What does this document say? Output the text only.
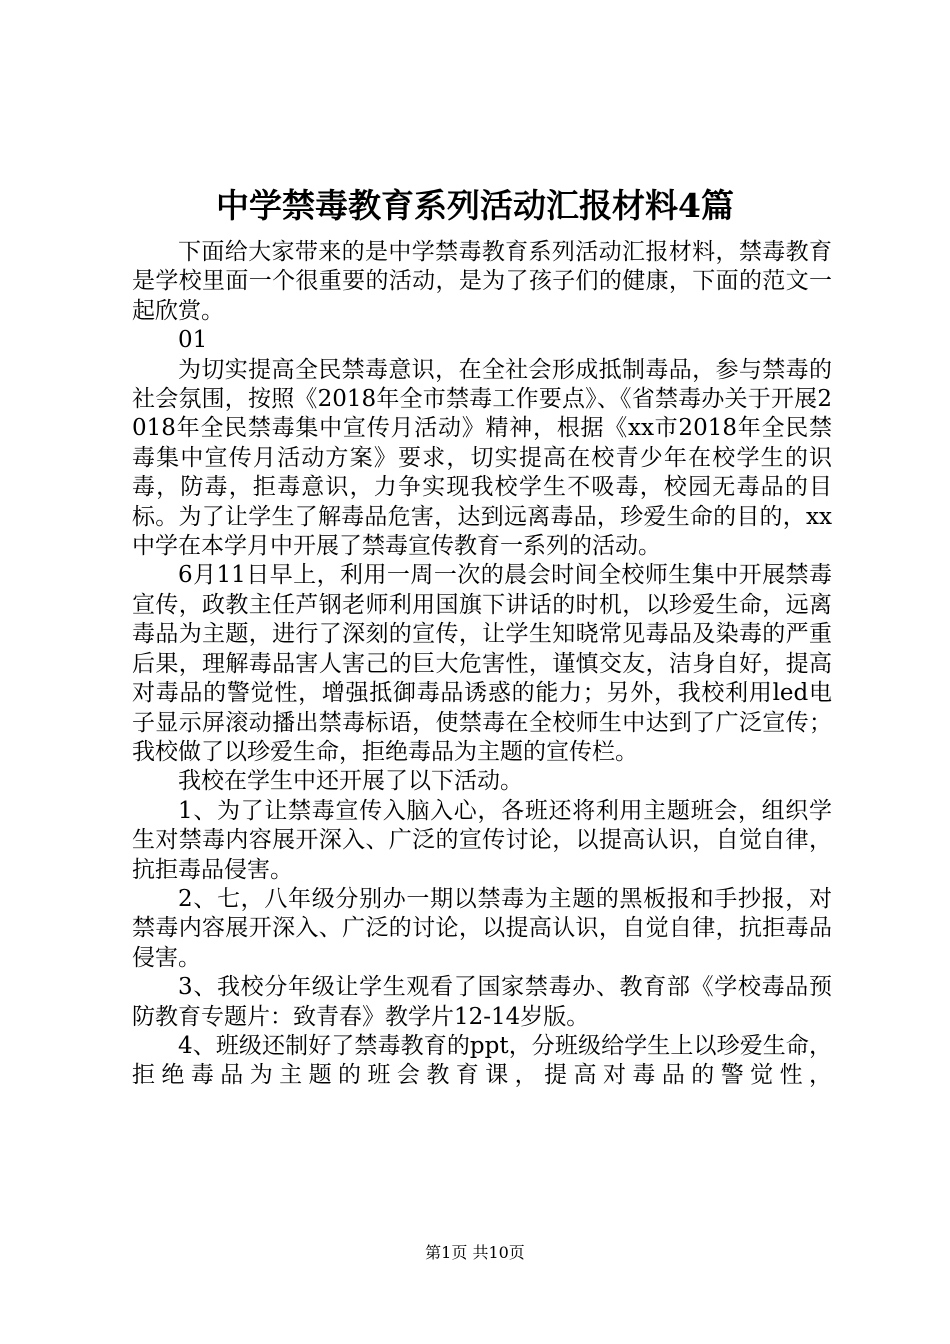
中学禁毒教育系列活动汇报材料4篇

下面给大家带来的是中学禁毒教育系列活动汇报材料，禁毒教育是学校里面一个很重要的活动，是为了孩子们的健康，下面的范文一起欣赏。

01

为切实提高全民禁毒意识，在全社会形成抵制毒品，参与禁毒的社会氛围，按照《2018年全市禁毒工作要点》、《省禁毒办关于开展2018年全民禁毒集中宣传月活动》精神，根据《xx市2018年全民禁毒集中宣传月活动方案》要求，切实提高在校青少年在校学生的识毒，防毒，拒毒意识，力争实现我校学生不吸毒，校园无毒品的目标。为了让学生了解毒品危害，达到远离毒品，珍爱生命的目的，xx中学在本学月中开展了禁毒宣传教育一系列的活动。

6月11日早上，利用一周一次的晨会时间全校师生集中开展禁毒宣传，政教主任芦钢老师利用国旗下讲话的时机，以珍爱生命，远离毒品为主题，进行了深刻的宣传，让学生知晓常见毒品及染毒的严重后果，理解毒品害人害己的巨大危害性，谨慎交友，洁身自好，提高对毒品的警觉性，增强抵御毒品诱惑的能力；另外，我校利用led电子显示屏滚动播出禁毒标语，使禁毒在全校师生中达到了广泛宣传；我校做了以珍爱生命，拒绝毒品为主题的宣传栏。

我校在学生中还开展了以下活动。

1、为了让禁毒宣传入脑入心，各班还将利用主题班会，组织学生对禁毒内容展开深入、广泛的宣传讨论，以提高认识，自觉自律，抗拒毒品侵害。

2、七，八年级分别办一期以禁毒为主题的黑板报和手抄报，对禁毒内容展开深入、广泛的讨论，以提高认识，自觉自律，抗拒毒品侵害。

3、我校分年级让学生观看了国家禁毒办、教育部《学校毒品预防教育专题片：致青春》教学片12-14岁版。

4、班级还制好了禁毒教育的ppt，分班级给学生上以珍爱生命，拒绝毒品为主题的班会教育课，提高对毒品的警觉性，

第1页 共10页
